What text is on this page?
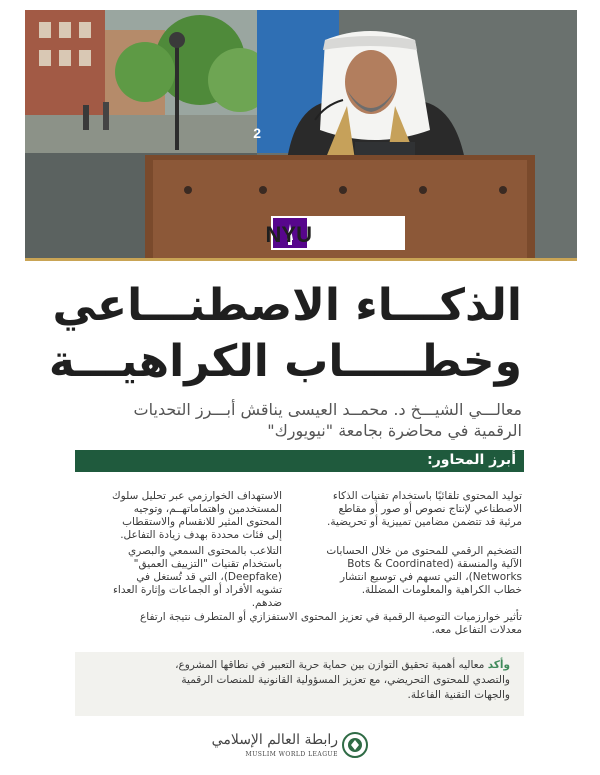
2
NYU
الذكـــاء الاصطنـــاعي
وخطـــــاب الكراهيـــة

معالـــي الشيـــخ د. محمــد العيسى يناقش أبـــرز التحديات
الرقمية في محاضرة بجامعة "نيويورك"

أبرز المحاور:
توليد المحتوى تلقائيًا باستخدام تقنيات الذكاء
الاصطناعي لإنتاج نصوص أو صور أو مقاطع
مرئية قد تتضمن مضامين تمييزية أو تحريضية.
الاستهداف الخوارزمي عبر تحليل سلوك
المستخدمين واهتماماتهــم، وتوجيه
المحتوى المثير للانقسام والاستقطاب
إلى فئات محددة بهدف زيادة التفاعل.
التضخيم الرقمي للمحتوى من خلال الحسابات
الآلية والمنسقة (Bots & Coordinated
Networks)، التي تسهم في توسيع انتشار
خطاب الكراهية والمعلومات المضللة.
التلاعب بالمحتوى السمعي والبصري
باستخدام تقنيات "التزييف العميق"
(Deepfake)، التي قد تُستغل في
تشويه الأفراد أو الجماعات وإثارة العداء
ضدهم.
تأثير خوارزميات التوصية الرقمية في تعزيز المحتوى الاستفزازي أو المتطرف نتيجة ارتفاع
معدلات التفاعل معه.
وأكد معاليه أهمية تحقيق التوازن بين حماية حرية التعبير في نطاقها المشروع،
والتصدي للمحتوى التحريضي، مع تعزيز المسؤولية القانونية للمنصات الرقمية
والجهات التقنية الفاعلة.
رابطة العالم الإسلامي
MUSLIM WORLD LEAGUE
